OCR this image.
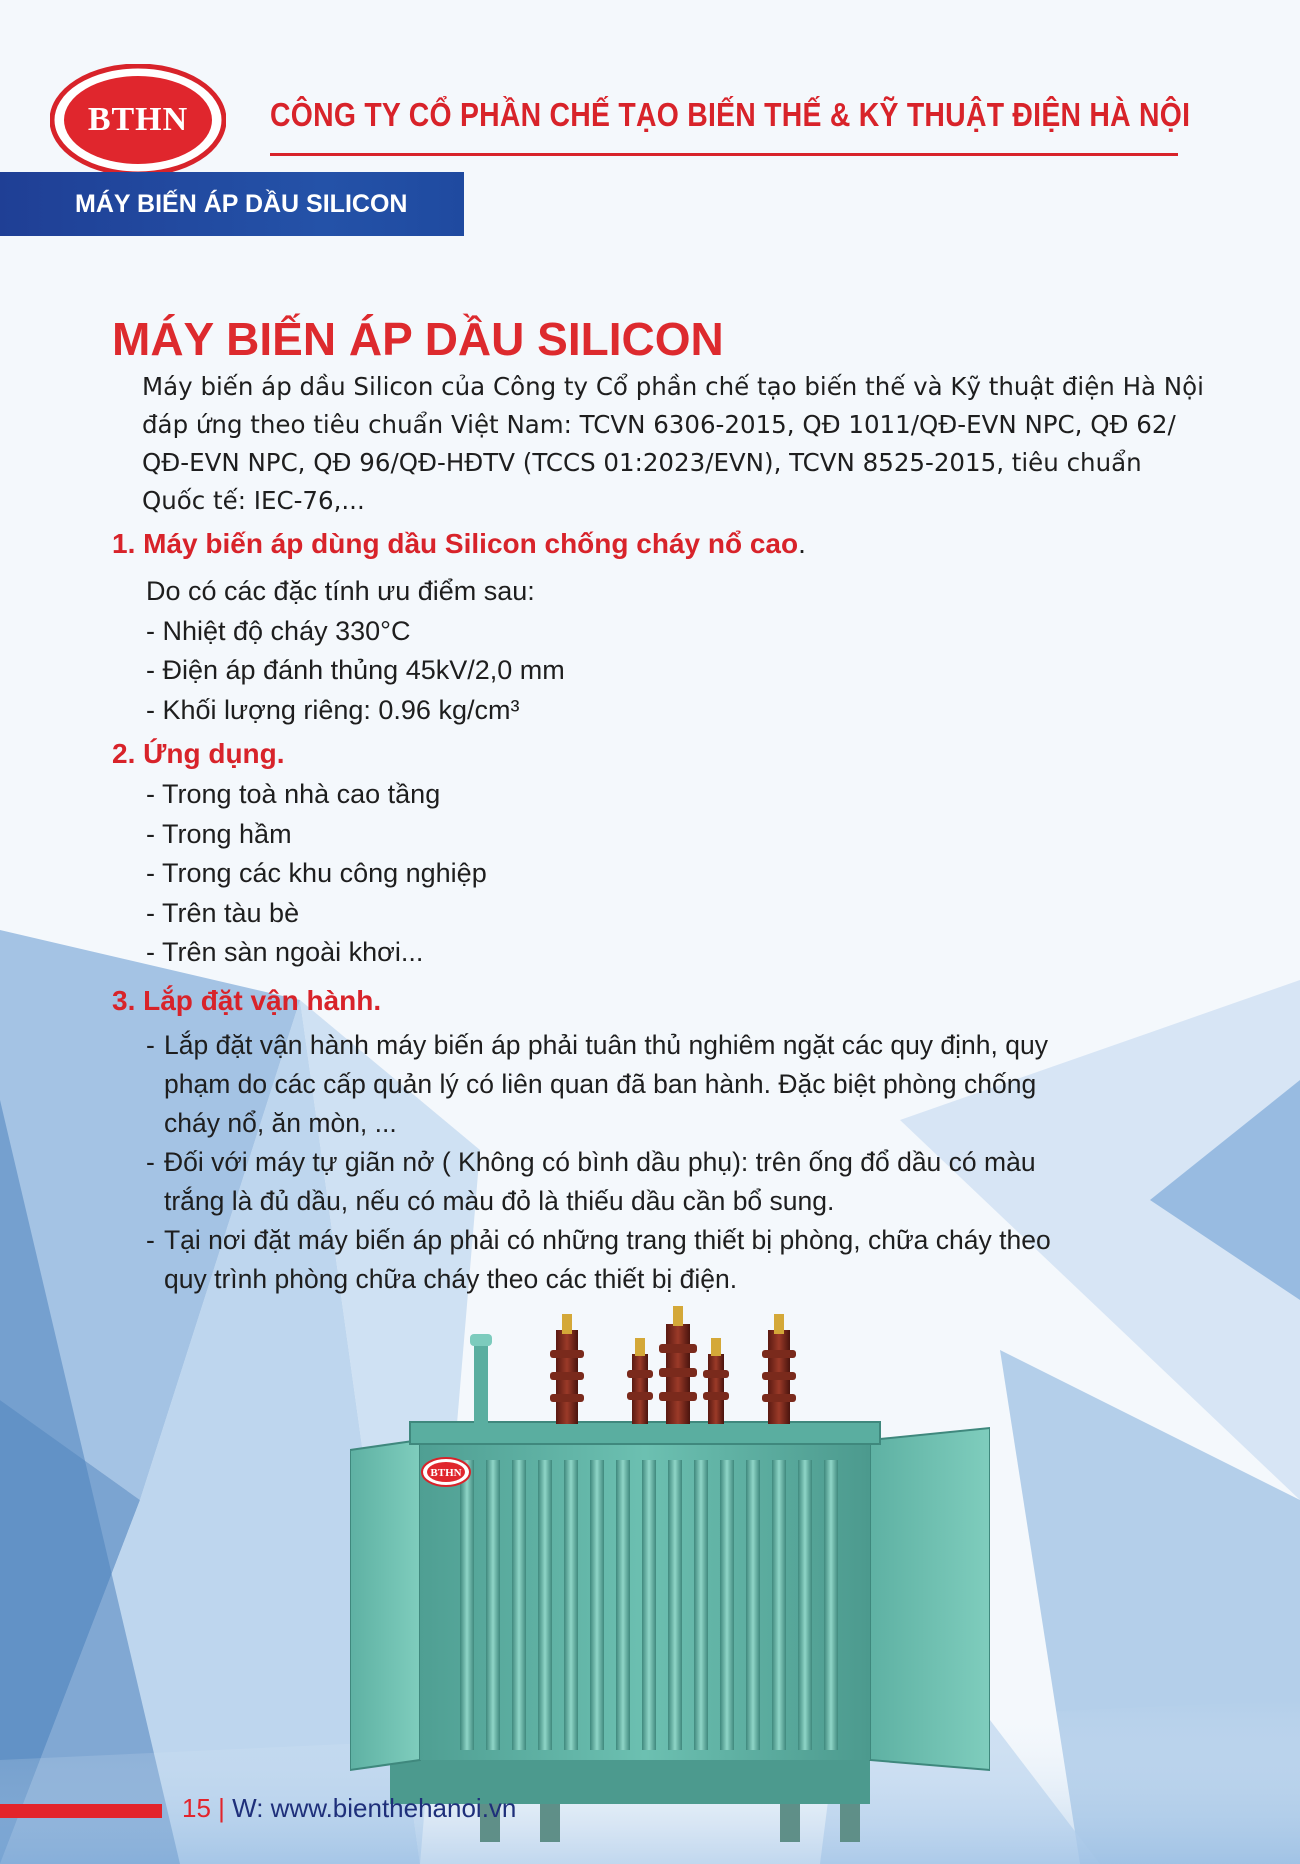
BTHN	CÔNG TY CỔ PHẦN CHẾ TẠO BIẾN THẾ & KỸ THUẬT ĐIỆN HÀ NỘI
MÁY BIẾN ÁP DẦU SILICON
MÁY BIẾN ÁP DẦU SILICON
Máy biến áp dầu Silicon của Công ty Cổ phần chế tạo biến thế và Kỹ thuật điện Hà Nội
đáp ứng theo tiêu chuẩn Việt Nam: TCVN 6306-2015, QĐ 1011/QĐ-EVN NPC, QĐ 62/
QĐ-EVN NPC, QĐ 96/QĐ-HĐTV (TCCS 01:2023/EVN), TCVN 8525-2015, tiêu chuẩn
Quốc tế: IEC-76,...
1. Máy biến áp dùng dầu Silicon chống cháy nổ cao.
Do có các đặc tính ưu điểm sau:
- Nhiệt độ cháy 330°C
- Điện áp đánh thủng 45kV/2,0 mm
- Khối lượng riêng: 0.96 kg/cm³
2. Ứng dụng.
- Trong toà nhà cao tầng
- Trong hầm
- Trong các khu công nghiệp
- Trên tàu bè
- Trên sàn ngoài khơi...
3. Lắp đặt vận hành.
- Lắp đặt vận hành máy biến áp phải tuân thủ nghiêm ngặt các quy định, quy
phạm do các cấp quản lý có liên quan đã ban hành. Đặc biệt phòng chống
cháy nổ, ăn mòn, ...
- Đối với máy tự giãn nở ( Không có bình dầu phụ): trên ống đổ dầu có màu
trắng là đủ dầu, nếu có màu đỏ là thiếu dầu cần bổ sung.
- Tại nơi đặt máy biến áp phải có những trang thiết bị phòng, chữa cháy theo
quy trình phòng chữa cháy theo các thiết bị điện.
BTHN
15 | W: www.bienthehanoi.vn
